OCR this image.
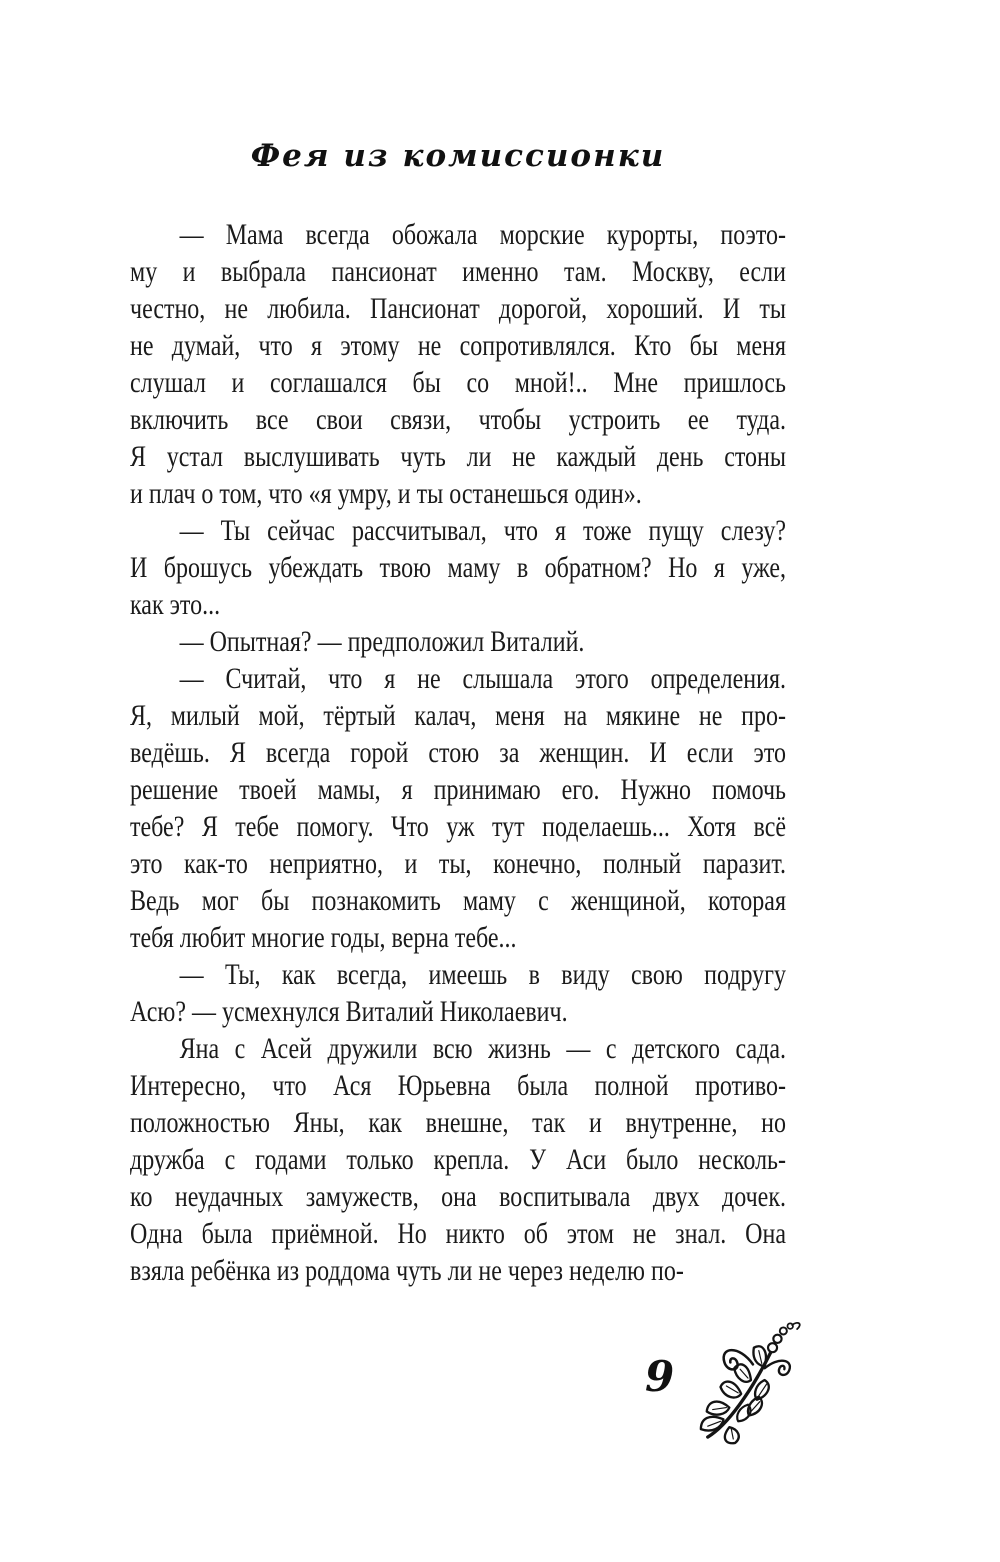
Фея из комиссионки
— Мама всегда обожала морские курорты, поэто-
му и выбрала пансионат именно там. Москву, если
честно, не любила. Пансионат дорогой, хороший. И ты
не думай, что я этому не сопротивлялся. Кто бы меня
слушал и соглашался бы со мной!.. Мне пришлось
включить все свои связи, чтобы устроить ее туда.
Я устал выслушивать чуть ли не каждый день стоны
и плач о том, что «я умру, и ты останешься один».
— Ты сейчас рассчитывал, что я тоже пущу слезу?
И брошусь убеждать твою маму в обратном? Но я уже,
как это...
— Опытная? — предположил Виталий.
— Считай, что я не слышала этого определения.
Я, милый мой, тёртый калач, меня на мякине не про-
ведёшь. Я всегда горой стою за женщин. И если это
решение твоей мамы, я принимаю его. Нужно помочь
тебе? Я тебе помогу. Что уж тут поделаешь... Хотя всё
это как-то неприятно, и ты, конечно, полный паразит.
Ведь мог бы познакомить маму с женщиной, которая
тебя любит многие годы, верна тебе...
— Ты, как всегда, имеешь в виду свою подругу
Асю? — усмехнулся Виталий Николаевич.
Яна с Асей дружили всю жизнь — с детского сада.
Интересно, что Ася Юрьевна была полной противо-
положностью Яны, как внешне, так и внутренне, но
дружба с годами только крепла. У Аси было несколь-
ко неудачных замужеств, она воспитывала двух дочек.
Одна была приёмной. Но никто об этом не знал. Она
взяла ребёнка из роддома чуть ли не через неделю по-
9
